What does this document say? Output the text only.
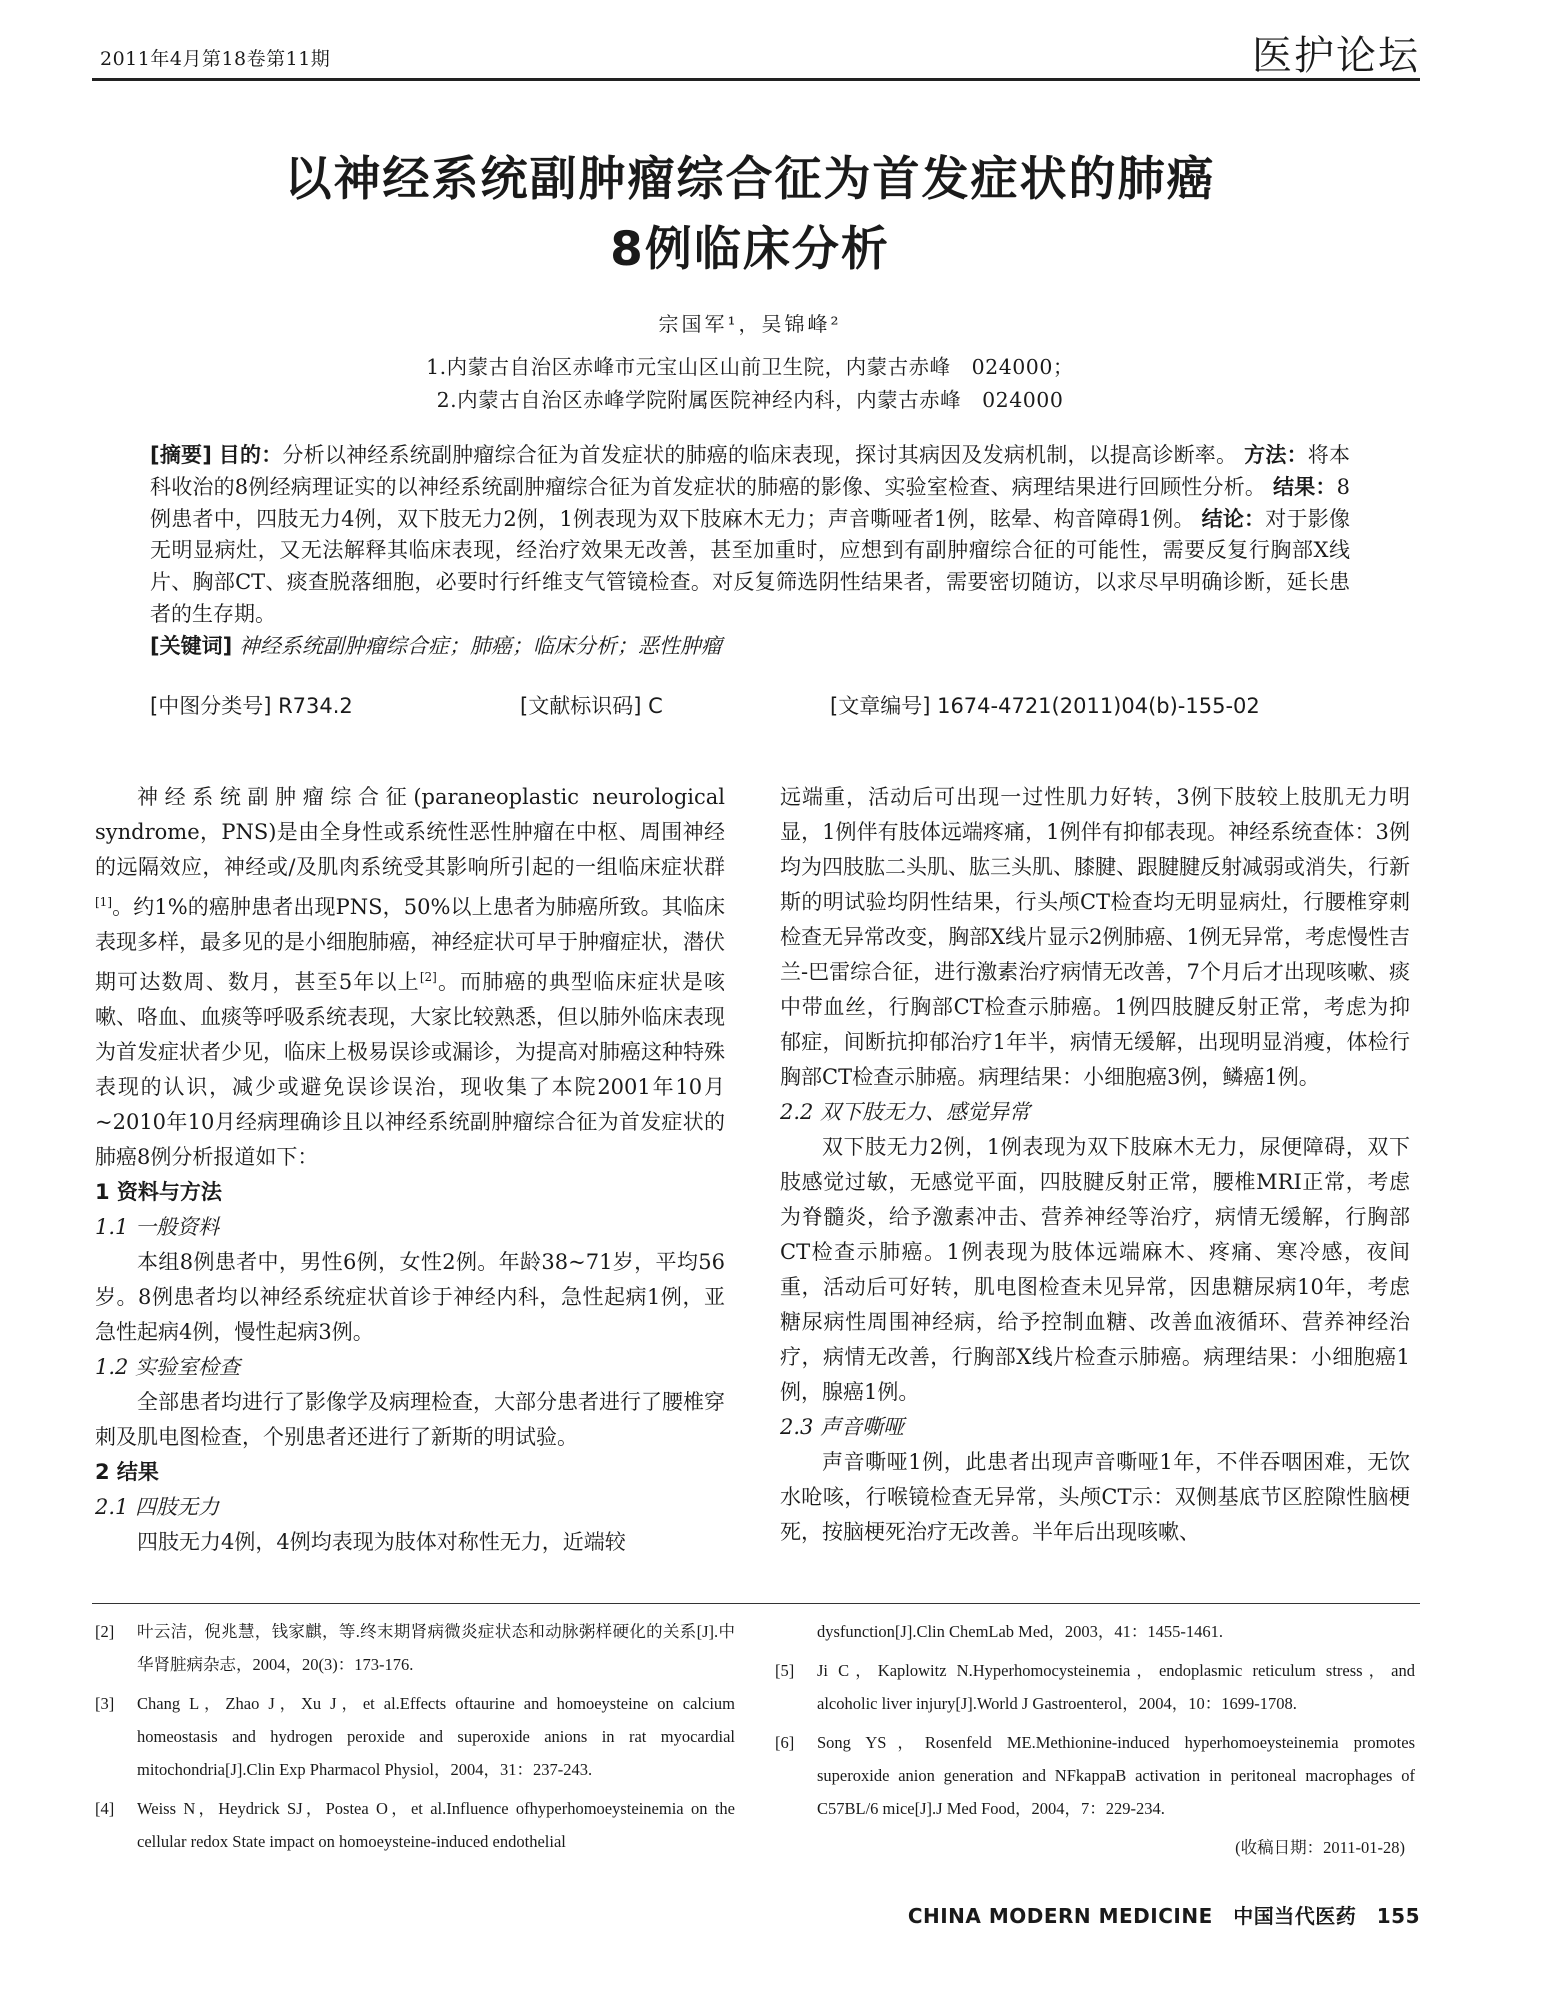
2011年4月第18卷第11期	医护论坛
以神经系统副肿瘤综合征为首发症状的肺癌
8例临床分析
宗国军¹，吴锦峰²
1.内蒙古自治区赤峰市元宝山区山前卫生院，内蒙古赤峰　024000；
2.内蒙古自治区赤峰学院附属医院神经内科，内蒙古赤峰　024000
[摘要] 目的：分析以神经系统副肿瘤综合征为首发症状的肺癌的临床表现，探讨其病因及发病机制，以提高诊断率。 方法：将本科收治的8例经病理证实的以神经系统副肿瘤综合征为首发症状的肺癌的影像、实验室检查、病理结果进行回顾性分析。 结果：8例患者中，四肢无力4例，双下肢无力2例，1例表现为双下肢麻木无力；声音嘶哑者1例，眩晕、构音障碍1例。 结论：对于影像无明显病灶，又无法解释其临床表现，经治疗效果无改善，甚至加重时，应想到有副肿瘤综合征的可能性，需要反复行胸部X线片、胸部CT、痰查脱落细胞，必要时行纤维支气管镜检查。对反复筛选阴性结果者，需要密切随访，以求尽早明确诊断，延长患者的生存期。
[关键词] 神经系统副肿瘤综合症；肺癌；临床分析；恶性肿瘤
[中图分类号] R734.2	[文献标识码] C	[文章编号] 1674-4721(2011)04(b)-155-02

神经系统副肿瘤综合征(paraneoplastic neurological syndrome，PNS)是由全身性或系统性恶性肿瘤在中枢、周围神经的远隔效应，神经或/及肌肉系统受其影响所引起的一组临床症状群[1]。约1%的癌肿患者出现PNS，50%以上患者为肺癌所致。其临床表现多样，最多见的是小细胞肺癌，神经症状可早于肿瘤症状，潜伏期可达数周、数月，甚至5年以上[2]。而肺癌的典型临床症状是咳嗽、咯血、血痰等呼吸系统表现，大家比较熟悉，但以肺外临床表现为首发症状者少见，临床上极易误诊或漏诊，为提高对肺癌这种特殊表现的认识，减少或避免误诊误治，现收集了本院2001年10月~2010年10月经病理确诊且以神经系统副肿瘤综合征为首发症状的肺癌8例分析报道如下：

1 资料与方法
1.1 一般资料

本组8例患者中，男性6例，女性2例。年龄38~71岁，平均56岁。8例患者均以神经系统症状首诊于神经内科，急性起病1例，亚急性起病4例，慢性起病3例。

1.2 实验室检查

全部患者均进行了影像学及病理检查，大部分患者进行了腰椎穿刺及肌电图检查，个别患者还进行了新斯的明试验。

2 结果
2.1 四肢无力

四肢无力4例，4例均表现为肢体对称性无力，近端较

远端重，活动后可出现一过性肌力好转，3例下肢较上肢肌无力明显，1例伴有肢体远端疼痛，1例伴有抑郁表现。神经系统查体：3例均为四肢肱二头肌、肱三头肌、膝腱、跟腱腱反射减弱或消失，行新斯的明试验均阴性结果，行头颅CT检查均无明显病灶，行腰椎穿刺检查无异常改变，胸部X线片显示2例肺癌、1例无异常，考虑慢性吉兰-巴雷综合征，进行激素治疗病情无改善，7个月后才出现咳嗽、痰中带血丝，行胸部CT检查示肺癌。1例四肢腱反射正常，考虑为抑郁症，间断抗抑郁治疗1年半，病情无缓解，出现明显消瘦，体检行胸部CT检查示肺癌。病理结果：小细胞癌3例，鳞癌1例。

2.2 双下肢无力、感觉异常

双下肢无力2例，1例表现为双下肢麻木无力，尿便障碍，双下肢感觉过敏，无感觉平面，四肢腱反射正常，腰椎MRI正常，考虑为脊髓炎，给予激素冲击、营养神经等治疗，病情无缓解，行胸部CT检查示肺癌。1例表现为肢体远端麻木、疼痛、寒冷感，夜间重，活动后可好转，肌电图检查未见异常，因患糖尿病10年，考虑糖尿病性周围神经病，给予控制血糖、改善血液循环、营养神经治疗，病情无改善，行胸部X线片检查示肺癌。病理结果：小细胞癌1例，腺癌1例。

2.3 声音嘶哑

声音嘶哑1例，此患者出现声音嘶哑1年，不伴吞咽困难，无饮水呛咳，行喉镜检查无异常，头颅CT示：双侧基底节区腔隙性脑梗死，按脑梗死治疗无改善。半年后出现咳嗽、

[2] 叶云洁，倪兆慧，钱家麒，等.终末期肾病微炎症状态和动脉粥样硬化的关系[J].中华肾脏病杂志，2004，20(3)：173-176.
[3] Chang L，Zhao J，Xu J，et al.Effects oftaurine and homoeysteine on calcium homeostasis and hydrogen peroxide and superoxide anions in rat myocardial mitochondria[J].Clin Exp Pharmacol Physiol，2004，31：237-243.
[4] Weiss N，Heydrick SJ，Postea O，et al.Influence ofhyperhomoeysteinemia on the cellular redox State impact on homoeysteine-induced endothelial
dysfunction[J].Clin ChemLab Med，2003，41：1455-1461.
[5] Ji C，Kaplowitz N.Hyperhomocysteinemia，endoplasmic reticulum stress，and alcoholic liver injury[J].World J Gastroenterol，2004，10：1699-1708.
[6] Song YS，Rosenfeld ME.Methionine-induced hyperhomoeysteinemia promotes superoxide anion generation and NFkappaB activation in peritoneal macrophages of C57BL/6 mice[J].J Med Food，2004，7：229-234.
(收稿日期：2011-01-28)
CHINA MODERN MEDICINE　中国当代医药　155
